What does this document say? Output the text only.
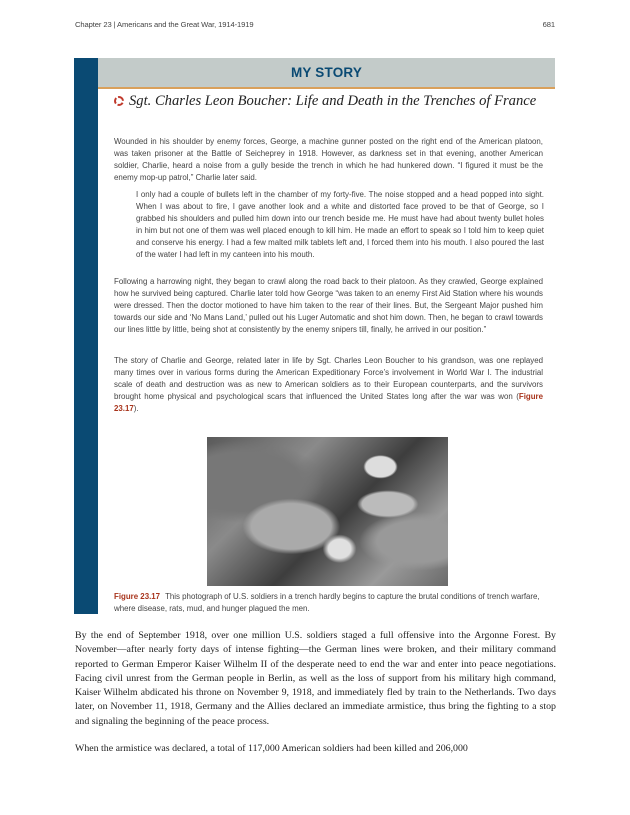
Chapter 23 | Americans and the Great War, 1914-1919	681
MY STORY
Sgt. Charles Leon Boucher: Life and Death in the Trenches of France

Wounded in his shoulder by enemy forces, George, a machine gunner posted on the right end of the American platoon, was taken prisoner at the Battle of Seicheprey in 1918. However, as darkness set in that evening, another American soldier, Charlie, heard a noise from a gully beside the trench in which he had hunkered down. “I figured it must be the enemy mop-up patrol,” Charlie later said.

I only had a couple of bullets left in the chamber of my forty-five. The noise stopped and a head popped into sight. When I was about to fire, I gave another look and a white and distorted face proved to be that of George, so I grabbed his shoulders and pulled him down into our trench beside me. He must have had about twenty bullet holes in him but not one of them was well placed enough to kill him. He made an effort to speak so I told him to keep quiet and conserve his energy. I had a few malted milk tablets left and, I forced them into his mouth. I also poured the last of the water I had left in my canteen into his mouth.

Following a harrowing night, they began to crawl along the road back to their platoon. As they crawled, George explained how he survived being captured. Charlie later told how George “was taken to an enemy First Aid Station where his wounds were dressed. Then the doctor motioned to have him taken to the rear of their lines. But, the Sergeant Major pushed him towards our side and ‘No Mans Land,’ pulled out his Luger Automatic and shot him down. Then, he began to crawl towards our lines little by little, being shot at consistently by the enemy snipers till, finally, he arrived in our position.”

The story of Charlie and George, related later in life by Sgt. Charles Leon Boucher to his grandson, was one replayed many times over in various forms during the American Expeditionary Force’s involvement in World War I. The industrial scale of death and destruction was as new to American soldiers as to their European counterparts, and the survivors brought home physical and psychological scars that influenced the United States long after the war was won (Figure 23.17).

Figure 23.17 This photograph of U.S. soldiers in a trench hardly begins to capture the brutal conditions of trench warfare, where disease, rats, mud, and hunger plagued the men.

By the end of September 1918, over one million U.S. soldiers staged a full offensive into the Argonne Forest. By November—after nearly forty days of intense fighting—the German lines were broken, and their military command reported to German Emperor Kaiser Wilhelm II of the desperate need to end the war and enter into peace negotiations. Facing civil unrest from the German people in Berlin, as well as the loss of support from his military high command, Kaiser Wilhelm abdicated his throne on November 9, 1918, and immediately fled by train to the Netherlands. Two days later, on November 11, 1918, Germany and the Allies declared an immediate armistice, thus bring the fighting to a stop and signaling the beginning of the peace process.

When the armistice was declared, a total of 117,000 American soldiers had been killed and 206,000
